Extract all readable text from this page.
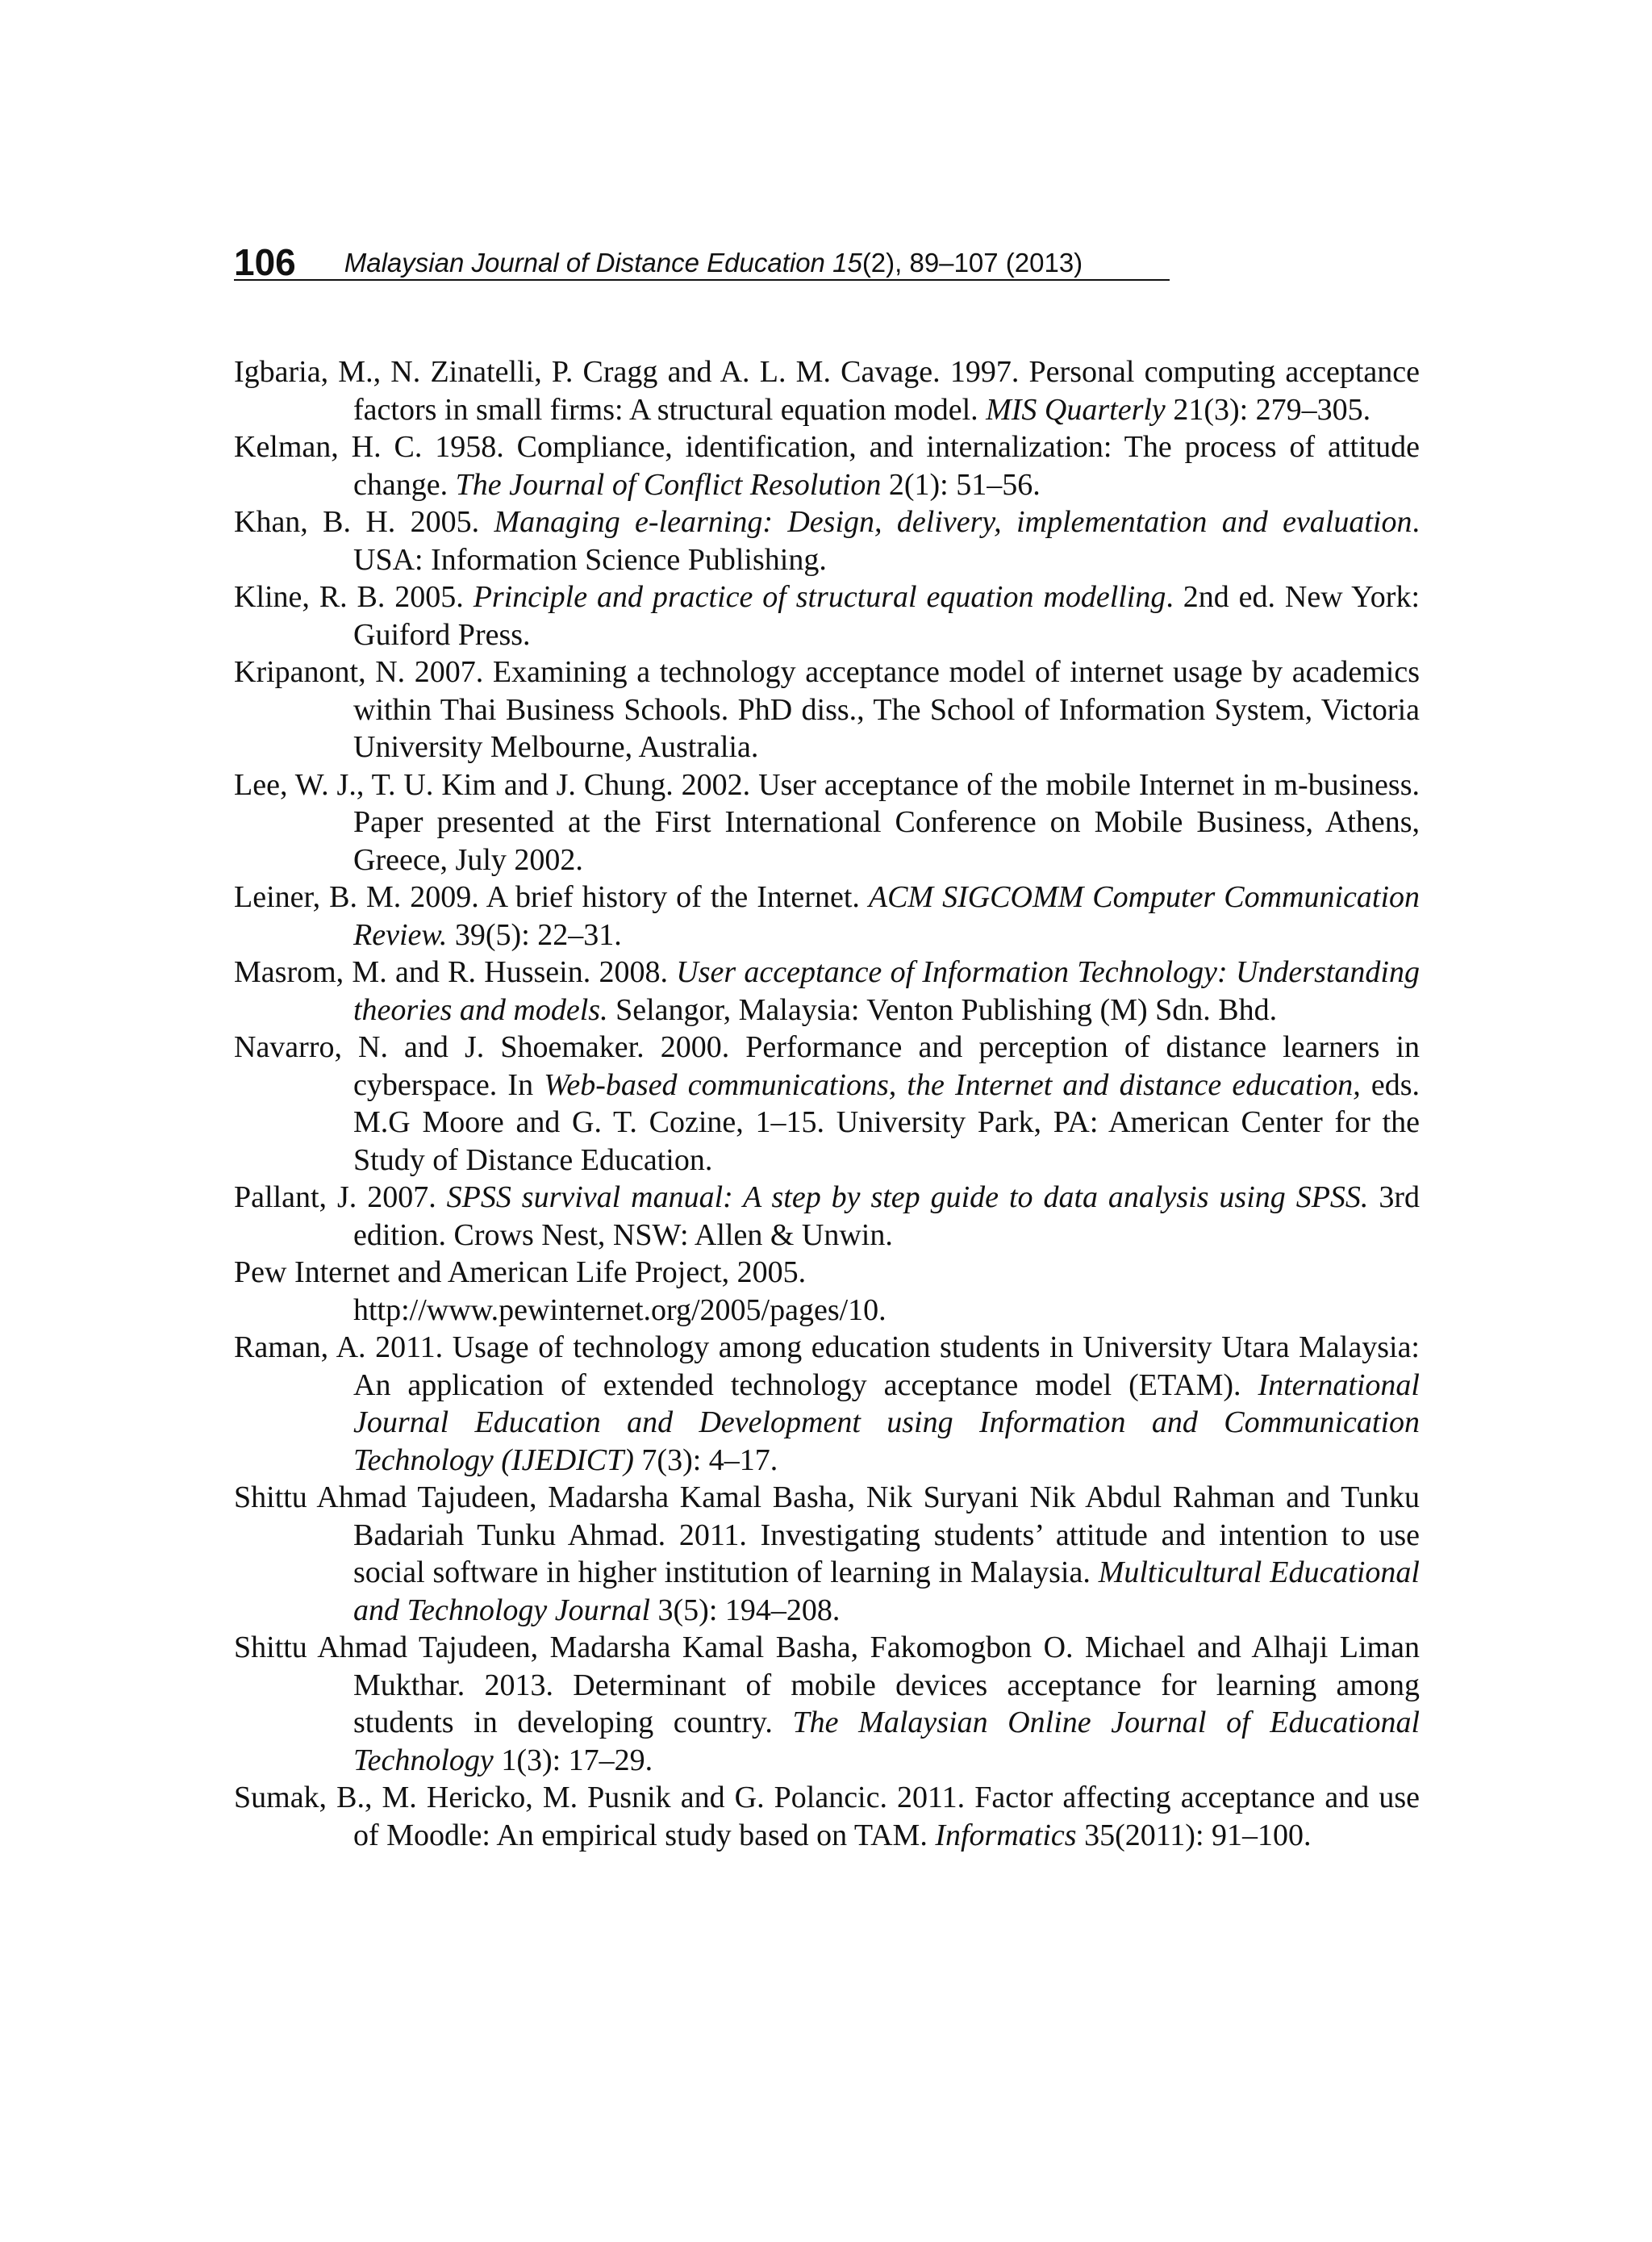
106 Malaysian Journal of Distance Education 15(2), 89–107 (2013)

Igbaria, M., N. Zinatelli, P. Cragg and A. L. M. Cavage. 1997. Personal computing acceptance factors in small firms: A structural equation model. MIS Quarterly 21(3): 279–305.

Kelman, H. C. 1958. Compliance, identification, and internalization: The process of attitude change. The Journal of Conflict Resolution 2(1): 51–56.

Khan, B. H. 2005. Managing e-learning: Design, delivery, implementation and evaluation. USA: Information Science Publishing.

Kline, R. B. 2005. Principle and practice of structural equation modelling. 2nd ed. New York: Guiford Press.

Kripanont, N. 2007. Examining a technology acceptance model of internet usage by academics within Thai Business Schools. PhD diss., The School of Information System, Victoria University Melbourne, Australia.

Lee, W. J., T. U. Kim and J. Chung. 2002. User acceptance of the mobile Internet in m-business. Paper presented at the First International Conference on Mobile Business, Athens, Greece, July 2002.

Leiner, B. M. 2009. A brief history of the Internet. ACM SIGCOMM Computer Communication Review. 39(5): 22–31.

Masrom, M. and R. Hussein. 2008. User acceptance of Information Technology: Understanding theories and models. Selangor, Malaysia: Venton Publishing (M) Sdn. Bhd.

Navarro, N. and J. Shoemaker. 2000. Performance and perception of distance learners in cyberspace. In Web-based communications, the Internet and distance education, eds. M.G Moore and G. T. Cozine, 1–15. University Park, PA: American Center for the Study of Distance Education.

Pallant, J. 2007. SPSS survival manual: A step by step guide to data analysis using SPSS. 3rd edition. Crows Nest, NSW: Allen & Unwin.

Pew Internet and American Life Project, 2005.
http://www.pewinternet.org/2005/pages/10.

Raman, A. 2011. Usage of technology among education students in University Utara Malaysia: An application of extended technology acceptance model (ETAM). International Journal Education and Development using Information and Communication Technology (IJEDICT) 7(3): 4–17.

Shittu Ahmad Tajudeen, Madarsha Kamal Basha, Nik Suryani Nik Abdul Rahman and Tunku Badariah Tunku Ahmad. 2011. Investigating students’ attitude and intention to use social software in higher institution of learning in Malaysia. Multicultural Educational and Technology Journal 3(5): 194–208.

Shittu Ahmad Tajudeen, Madarsha Kamal Basha, Fakomogbon O. Michael and Alhaji Liman Mukthar. 2013. Determinant of mobile devices acceptance for learning among students in developing country. The Malaysian Online Journal of Educational Technology 1(3): 17–29.

Sumak, B., M. Hericko, M. Pusnik and G. Polancic. 2011. Factor affecting acceptance and use of Moodle: An empirical study based on TAM. Informatics 35(2011): 91–100.
